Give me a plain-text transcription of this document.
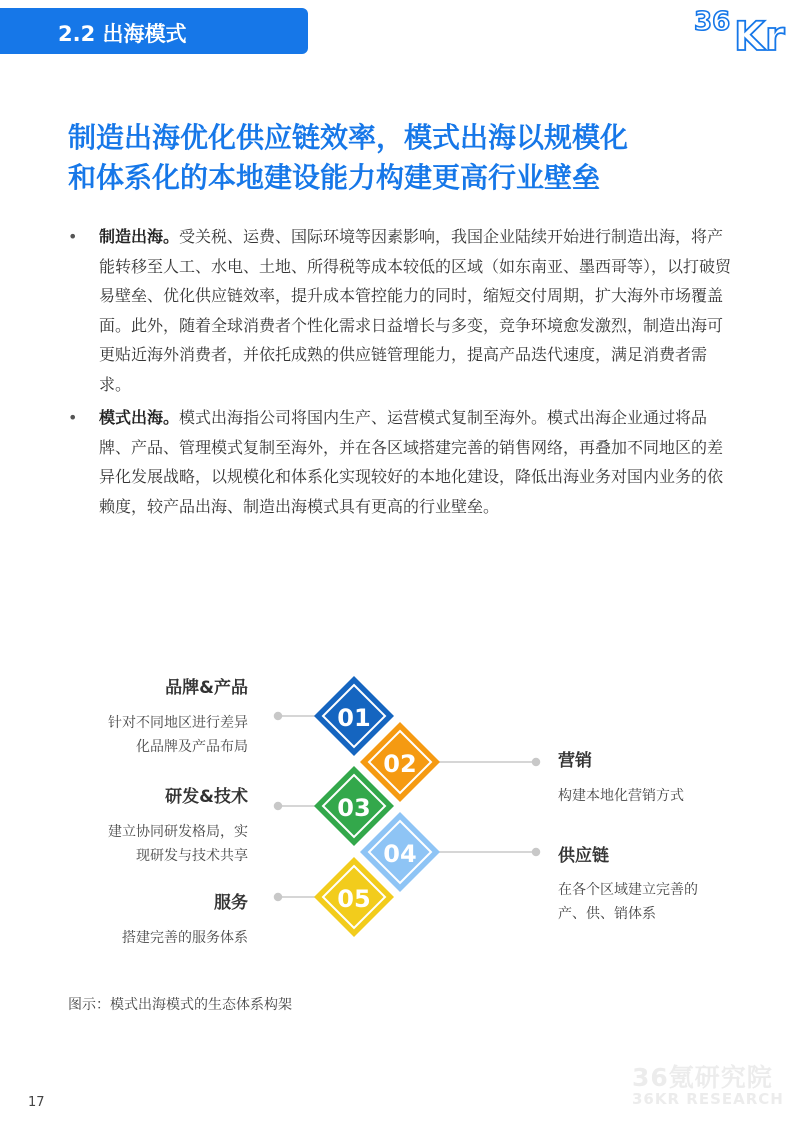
2.2 出海模式	36 Kr
制造出海优化供应链效率，模式出海以规模化
和体系化的本地建设能力构建更高行业壁垒
• 制造出海。受关税、运费、国际环境等因素影响，我国企业陆续开始进行制造出海，将产能转移至人工、水电、土地、所得税等成本较低的区域（如东南亚、墨西哥等），以打破贸易壁垒、优化供应链效率，提升成本管控能力的同时，缩短交付周期，扩大海外市场覆盖面。此外，随着全球消费者个性化需求日益增长与多变，竞争环境愈发激烈，制造出海可更贴近海外消费者，并依托成熟的供应链管理能力，提高产品迭代速度，满足消费者需求。
• 模式出海。模式出海指公司将国内生产、运营模式复制至海外。模式出海企业通过将品牌、产品、管理模式复制至海外，并在各区域搭建完善的销售网络，再叠加不同地区的差异化发展战略，以规模化和体系化实现较好的本地化建设，降低出海业务对国内业务的依赖度，较产品出海、制造出海模式具有更高的行业壁垒。
01
02
03
04
05
品牌&产品
针对不同地区进行差异
化品牌及产品布局
研发&技术
建立协同研发格局，实
现研发与技术共享
服务
搭建完善的服务体系
营销
构建本地化营销方式
供应链
在各个区域建立完善的
产、供、销体系
图示：模式出海模式的生态体系构架
17
36氪研究院
36KR RESEARCH
